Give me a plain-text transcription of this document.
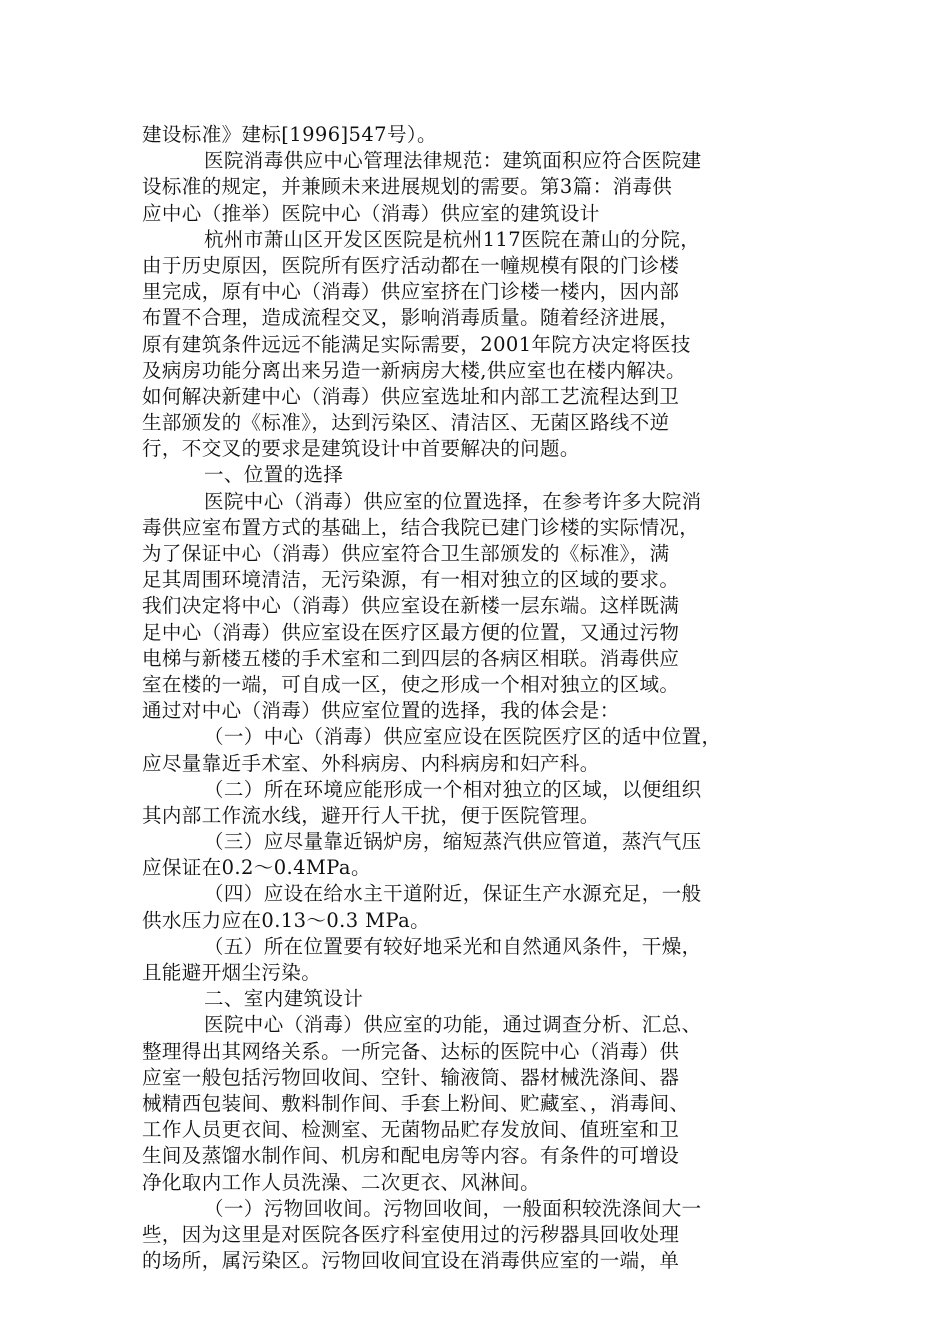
建设标准》建标[1996]547号）。
医院消毒供应中心管理法律规范：建筑面积应符合医院建
设标准的规定，并兼顾未来进展规划的需要。第3篇：消毒供
应中心（推举）医院中心（消毒）供应室的建筑设计
杭州市萧山区开发区医院是杭州117医院在萧山的分院，
由于历史原因，医院所有医疗活动都在一幢规模有限的门诊楼
里完成，原有中心（消毒）供应室挤在门诊楼一楼内，因内部
布置不合理，造成流程交叉，影响消毒质量。随着经济进展，
原有建筑条件远远不能满足实际需要，2001年院方决定将医技
及病房功能分离出来另造一新病房大楼,供应室也在楼内解决。
如何解决新建中心（消毒）供应室选址和内部工艺流程达到卫
生部颁发的《标准》，达到污染区、清洁区、无菌区路线不逆
行，不交叉的要求是建筑设计中首要解决的问题。
一、位置的选择
医院中心（消毒）供应室的位置选择，在参考许多大院消
毒供应室布置方式的基础上，结合我院已建门诊楼的实际情况，
为了保证中心（消毒）供应室符合卫生部颁发的《标准》，满
足其周围环境清洁，无污染源，有一相对独立的区域的要求。
我们决定将中心（消毒）供应室设在新楼一层东端。这样既满
足中心（消毒）供应室设在医疗区最方便的位置，又通过污物
电梯与新楼五楼的手术室和二到四层的各病区相联。消毒供应
室在楼的一端，可自成一区，使之形成一个相对独立的区域。
通过对中心（消毒）供应室位置的选择，我的体会是：
（一）中心（消毒）供应室应设在医院医疗区的适中位置，
应尽量靠近手术室、外科病房、内科病房和妇产科。
（二）所在环境应能形成一个相对独立的区域，以便组织
其内部工作流水线，避开行人干扰，便于医院管理。
（三）应尽量靠近锅炉房，缩短蒸汽供应管道，蒸汽气压
应保证在0.2～0.4MPa。
（四）应设在给水主干道附近，保证生产水源充足，一般
供水压力应在0.13～0.3 MPa。
（五）所在位置要有较好地采光和自然通风条件，干燥，
且能避开烟尘污染。
二、室内建筑设计
医院中心（消毒）供应室的功能，通过调查分析、汇总、
整理得出其网络关系。一所完备、达标的医院中心（消毒）供
应室一般包括污物回收间、空针、输液筒、器材械洗涤间、器
械精西包装间、敷料制作间、手套上粉间、贮藏室、，消毒间、
工作人员更衣间、检测室、无菌物品贮存发放间、值班室和卫
生间及蒸馏水制作间、机房和配电房等内容。有条件的可增设
净化取内工作人员洗澡、二次更衣、风淋间。
（一）污物回收间。污物回收间，一般面积较洗涤间大一
些，因为这里是对医院各医疗科室使用过的污秽器具回收处理
的场所，属污染区。污物回收间宜设在消毒供应室的一端，单
